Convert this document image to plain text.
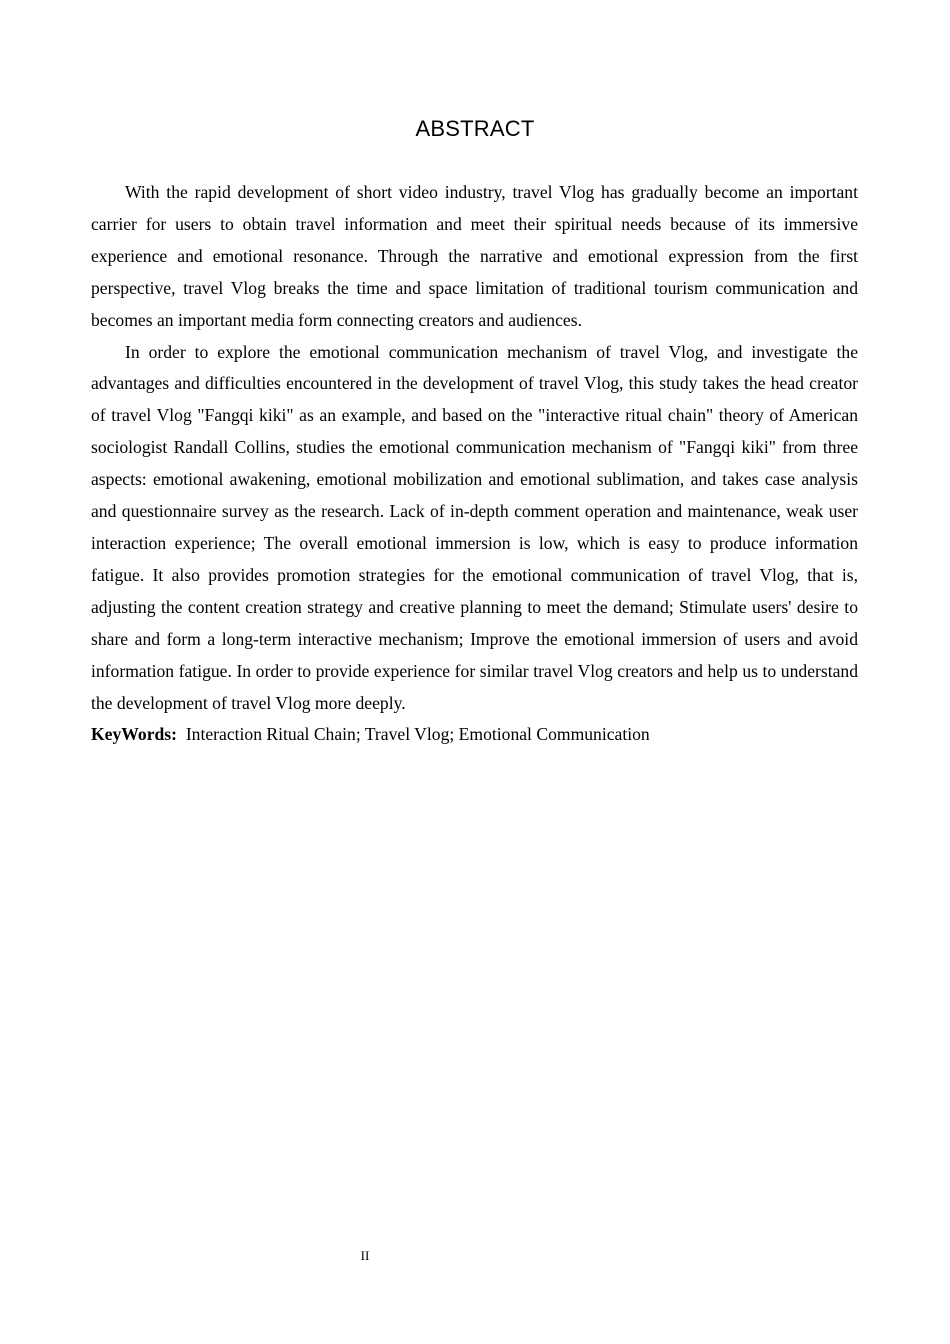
ABSTRACT

With the rapid development of short video industry, travel Vlog has gradually become an important carrier for users to obtain travel information and meet their spiritual needs because of its immersive experience and emotional resonance. Through the narrative and emotional expression from the first perspective, travel Vlog breaks the time and space limitation of traditional tourism communication and becomes an important media form connecting creators and audiences.

In order to explore the emotional communication mechanism of travel Vlog, and investigate the advantages and difficulties encountered in the development of travel Vlog, this study takes the head creator of travel Vlog "Fangqi kiki" as an example, and based on the "interactive ritual chain" theory of American sociologist Randall Collins, studies the emotional communication mechanism of "Fangqi kiki" from three aspects: emotional awakening, emotional mobilization and emotional sublimation, and takes case analysis and questionnaire survey as the research. Lack of in-depth comment operation and maintenance, weak user interaction experience; The overall emotional immersion is low, which is easy to produce information fatigue. It also provides promotion strategies for the emotional communication of travel Vlog, that is, adjusting the content creation strategy and creative planning to meet the demand; Stimulate users' desire to share and form a long-term interactive mechanism; Improve the emotional immersion of users and avoid information fatigue. In order to provide experience for similar travel Vlog creators and help us to understand the development of travel Vlog more deeply.

KeyWords: Interaction Ritual Chain; Travel Vlog; Emotional Communication

II
